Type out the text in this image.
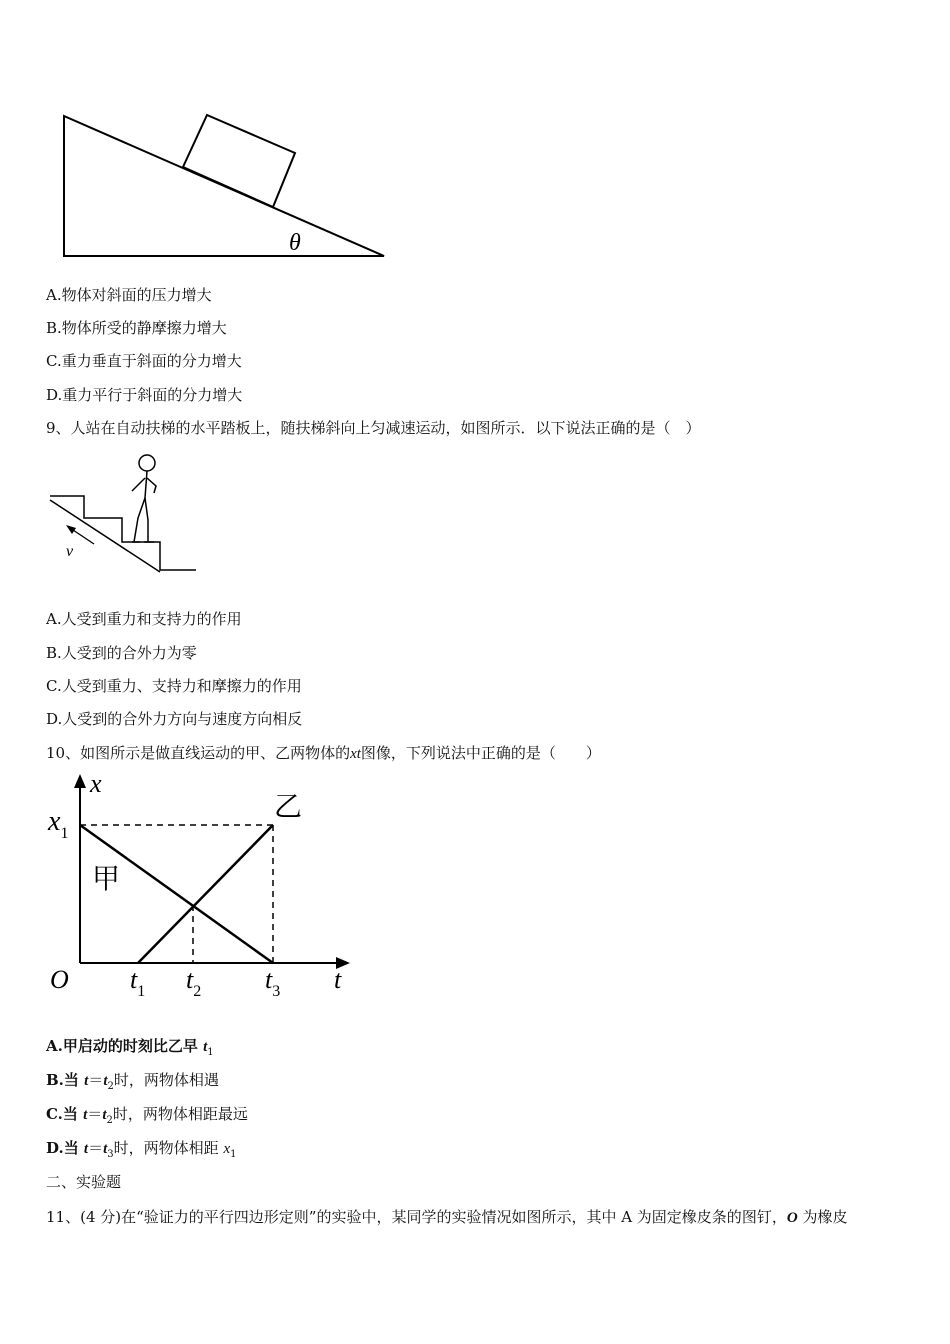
θ
A.物体对斜面的压力增大
B.物体所受的静摩擦力增大
C.重力垂直于斜面的分力增大
D.重力平行于斜面的分力增大
9、人站在自动扶梯的水平踏板上，随扶梯斜向上匀减速运动，如图所示．以下说法正确的是（　）
v
A.人受到重力和支持力的作用
B.人受到的合外力为零
C.人受到重力、支持力和摩擦力的作用
D.人受到的合外力方向与速度方向相反
10、如图所示是做直线运动的甲、乙两物体的xt图像，下列说法中正确的是（　　）
x
t
O
$x_1$
$t_1$ $t_2$ $t_3$
甲
乙
A.甲启动的时刻比乙早 $t_1$
B.当 $t=t_2$时，两物体相遇
C.当 $t=t_2$时，两物体相距最远
D.当 $t=t_3$时，两物体相距 $x_1$
二、实验题
11、(4 分)在“验证力的平行四边形定则”的实验中，某同学的实验情况如图所示，其中 A 为固定橡皮条的图钉，O 为橡皮
